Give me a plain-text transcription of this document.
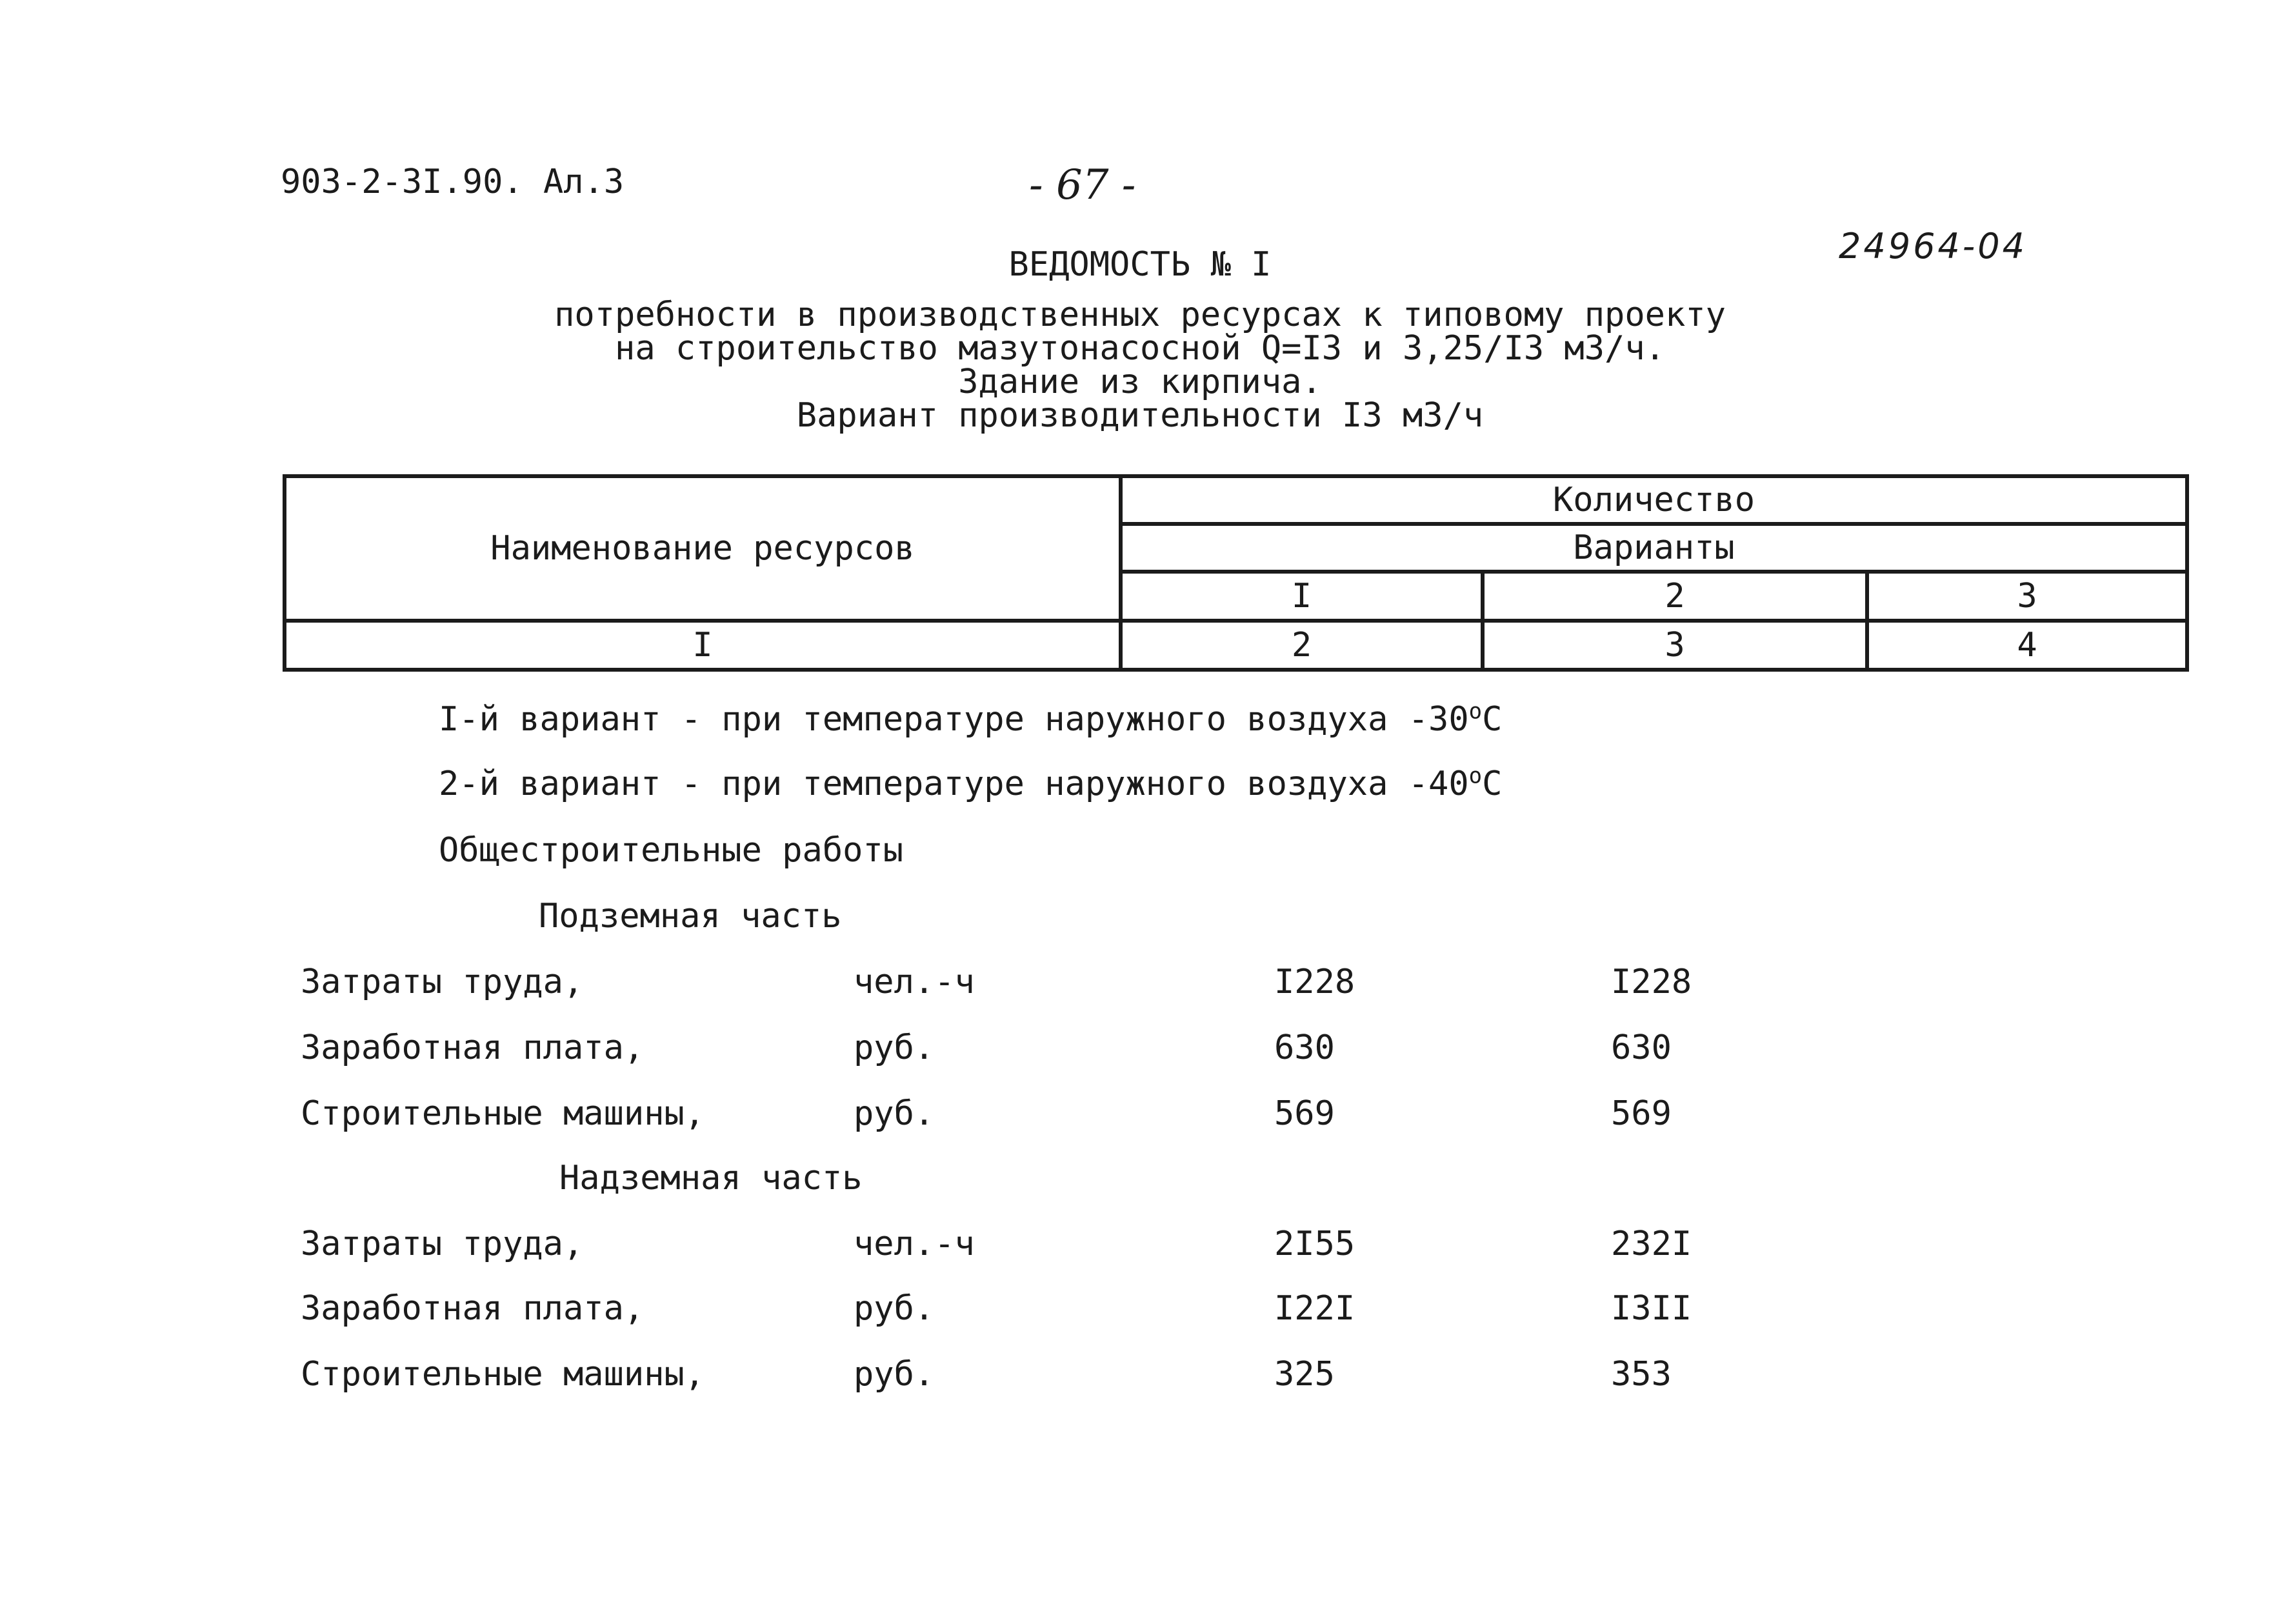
903-2-3I.90. Ал.3	- 67 -
24964-04
ВЕДОМОСТЬ № I
потребности в производственных ресурсах к типовому проекту
на строительство мазутонасосной Q=I3 и 3,25/I3 м3/ч.
Здание из кирпича.
Вариант производительности I3 м3/ч
Наименование ресурсов	Количество		
	Варианты		
	I	2	3
I	2	3	4
I-й вариант - при температуре наружного воздуха $-30^оС$
2-й вариант - при температуре наружного воздуха $-40^оС$
Общестроительные работы
Подземная часть
Затраты труда,	чел.-ч	I228	I228
Заработная плата,	руб.	630	630
Строительные машины,	руб.	569	569
Надземная часть
Затраты труда,	чел.-ч	2I55	232I
Заработная плата,	руб.	I22I	I3II
Строительные машины,	руб.	325	353
